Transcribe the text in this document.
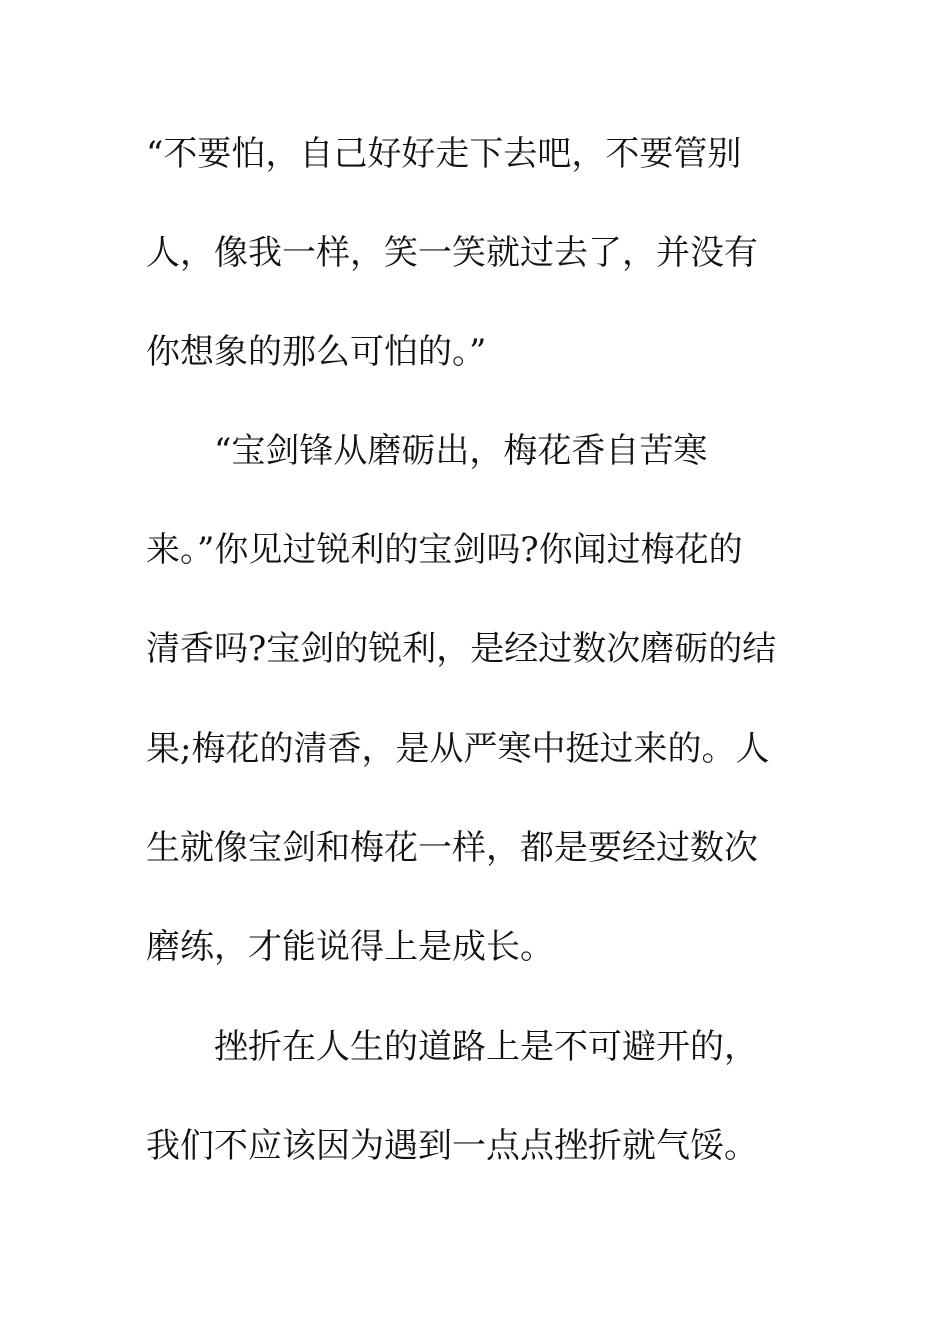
“不要怕，自己好好走下去吧，不要管别

人，像我一样，笑一笑就过去了，并没有

你想象的那么可怕的。”

“宝剑锋从磨砺出，梅花香自苦寒

来。”你见过锐利的宝剑吗?你闻过梅花的

清香吗?宝剑的锐利，是经过数次磨砺的结

果;梅花的清香，是从严寒中挺过来的。人

生就像宝剑和梅花一样，都是要经过数次

磨练，才能说得上是成长。

挫折在人生的道路上是不可避开的，

我们不应该因为遇到一点点挫折就气馁。
